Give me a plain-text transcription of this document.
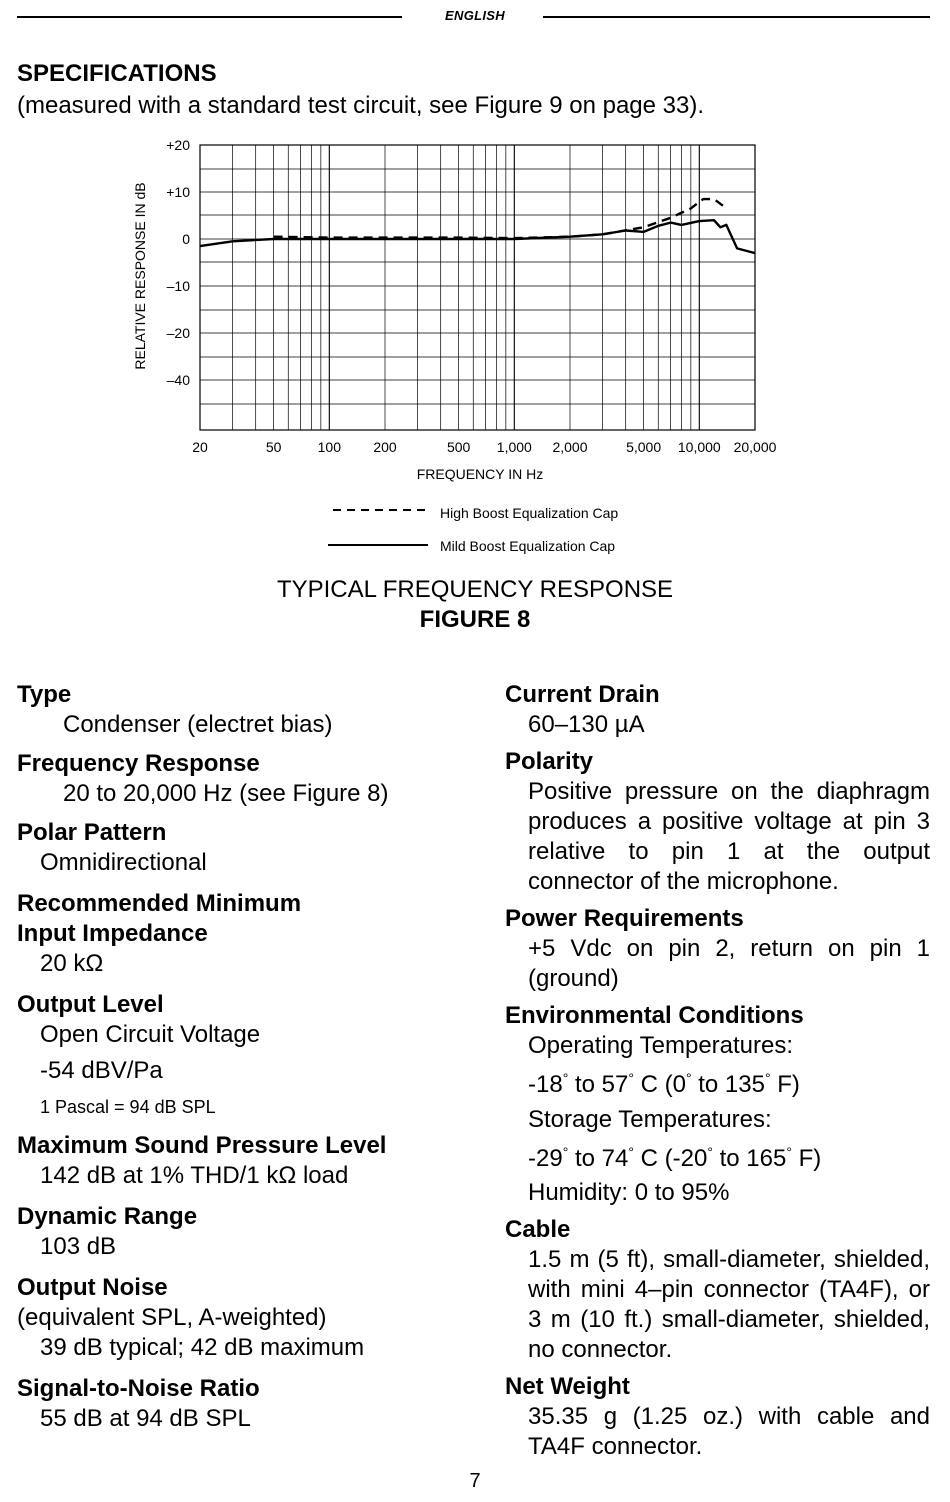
ENGLISH
SPECIFICATIONS
(measured with a standard test circuit, see Figure 9 on page 33).
+20
+10
0
–10
–20
–40
20	50	100 200	500 1,000 2,000	5,000 10,000 20,000
RELATIVE RESPONSE IN dB
FREQUENCY IN Hz
High Boost Equalization Cap
Mild Boost Equalization Cap
TYPICAL FREQUENCY RESPONSE
FIGURE 8
Type
Condenser (electret bias)
Frequency Response
20 to 20,000 Hz (see Figure 8)
Polar Pattern
Omnidirectional
Recommended Minimum
Input Impedance
20 kΩ
Output Level
Open Circuit Voltage
-54 dBV/Pa
1 Pascal = 94 dB SPL
Maximum Sound Pressure Level
142 dB at 1% THD/1 kΩ load
Dynamic Range
103 dB
Output Noise
(equivalent SPL, A-weighted)
39 dB typical; 42 dB maximum
Signal-to-Noise Ratio
55 dB at 94 dB SPL
Current Drain
60–130 µA
Polarity
Positive pressure on the diaphragm produces a positive voltage at pin 3 relative to pin 1 at the output connector of the microphone.
Power Requirements
+5 Vdc on pin 2, return on pin 1 (ground)
Environmental Conditions
Operating Temperatures:
-18° to 57° C (0° to 135° F)
Storage Temperatures:
-29° to 74° C (-20° to 165° F)
Humidity: 0 to 95%
Cable
1.5 m (5 ft), small-diameter, shielded, with mini 4–pin connector (TA4F), or 3 m (10 ft.) small-diameter, shielded, no connector.
Net Weight
35.35 g (1.25 oz.) with cable and TA4F connector.
7
